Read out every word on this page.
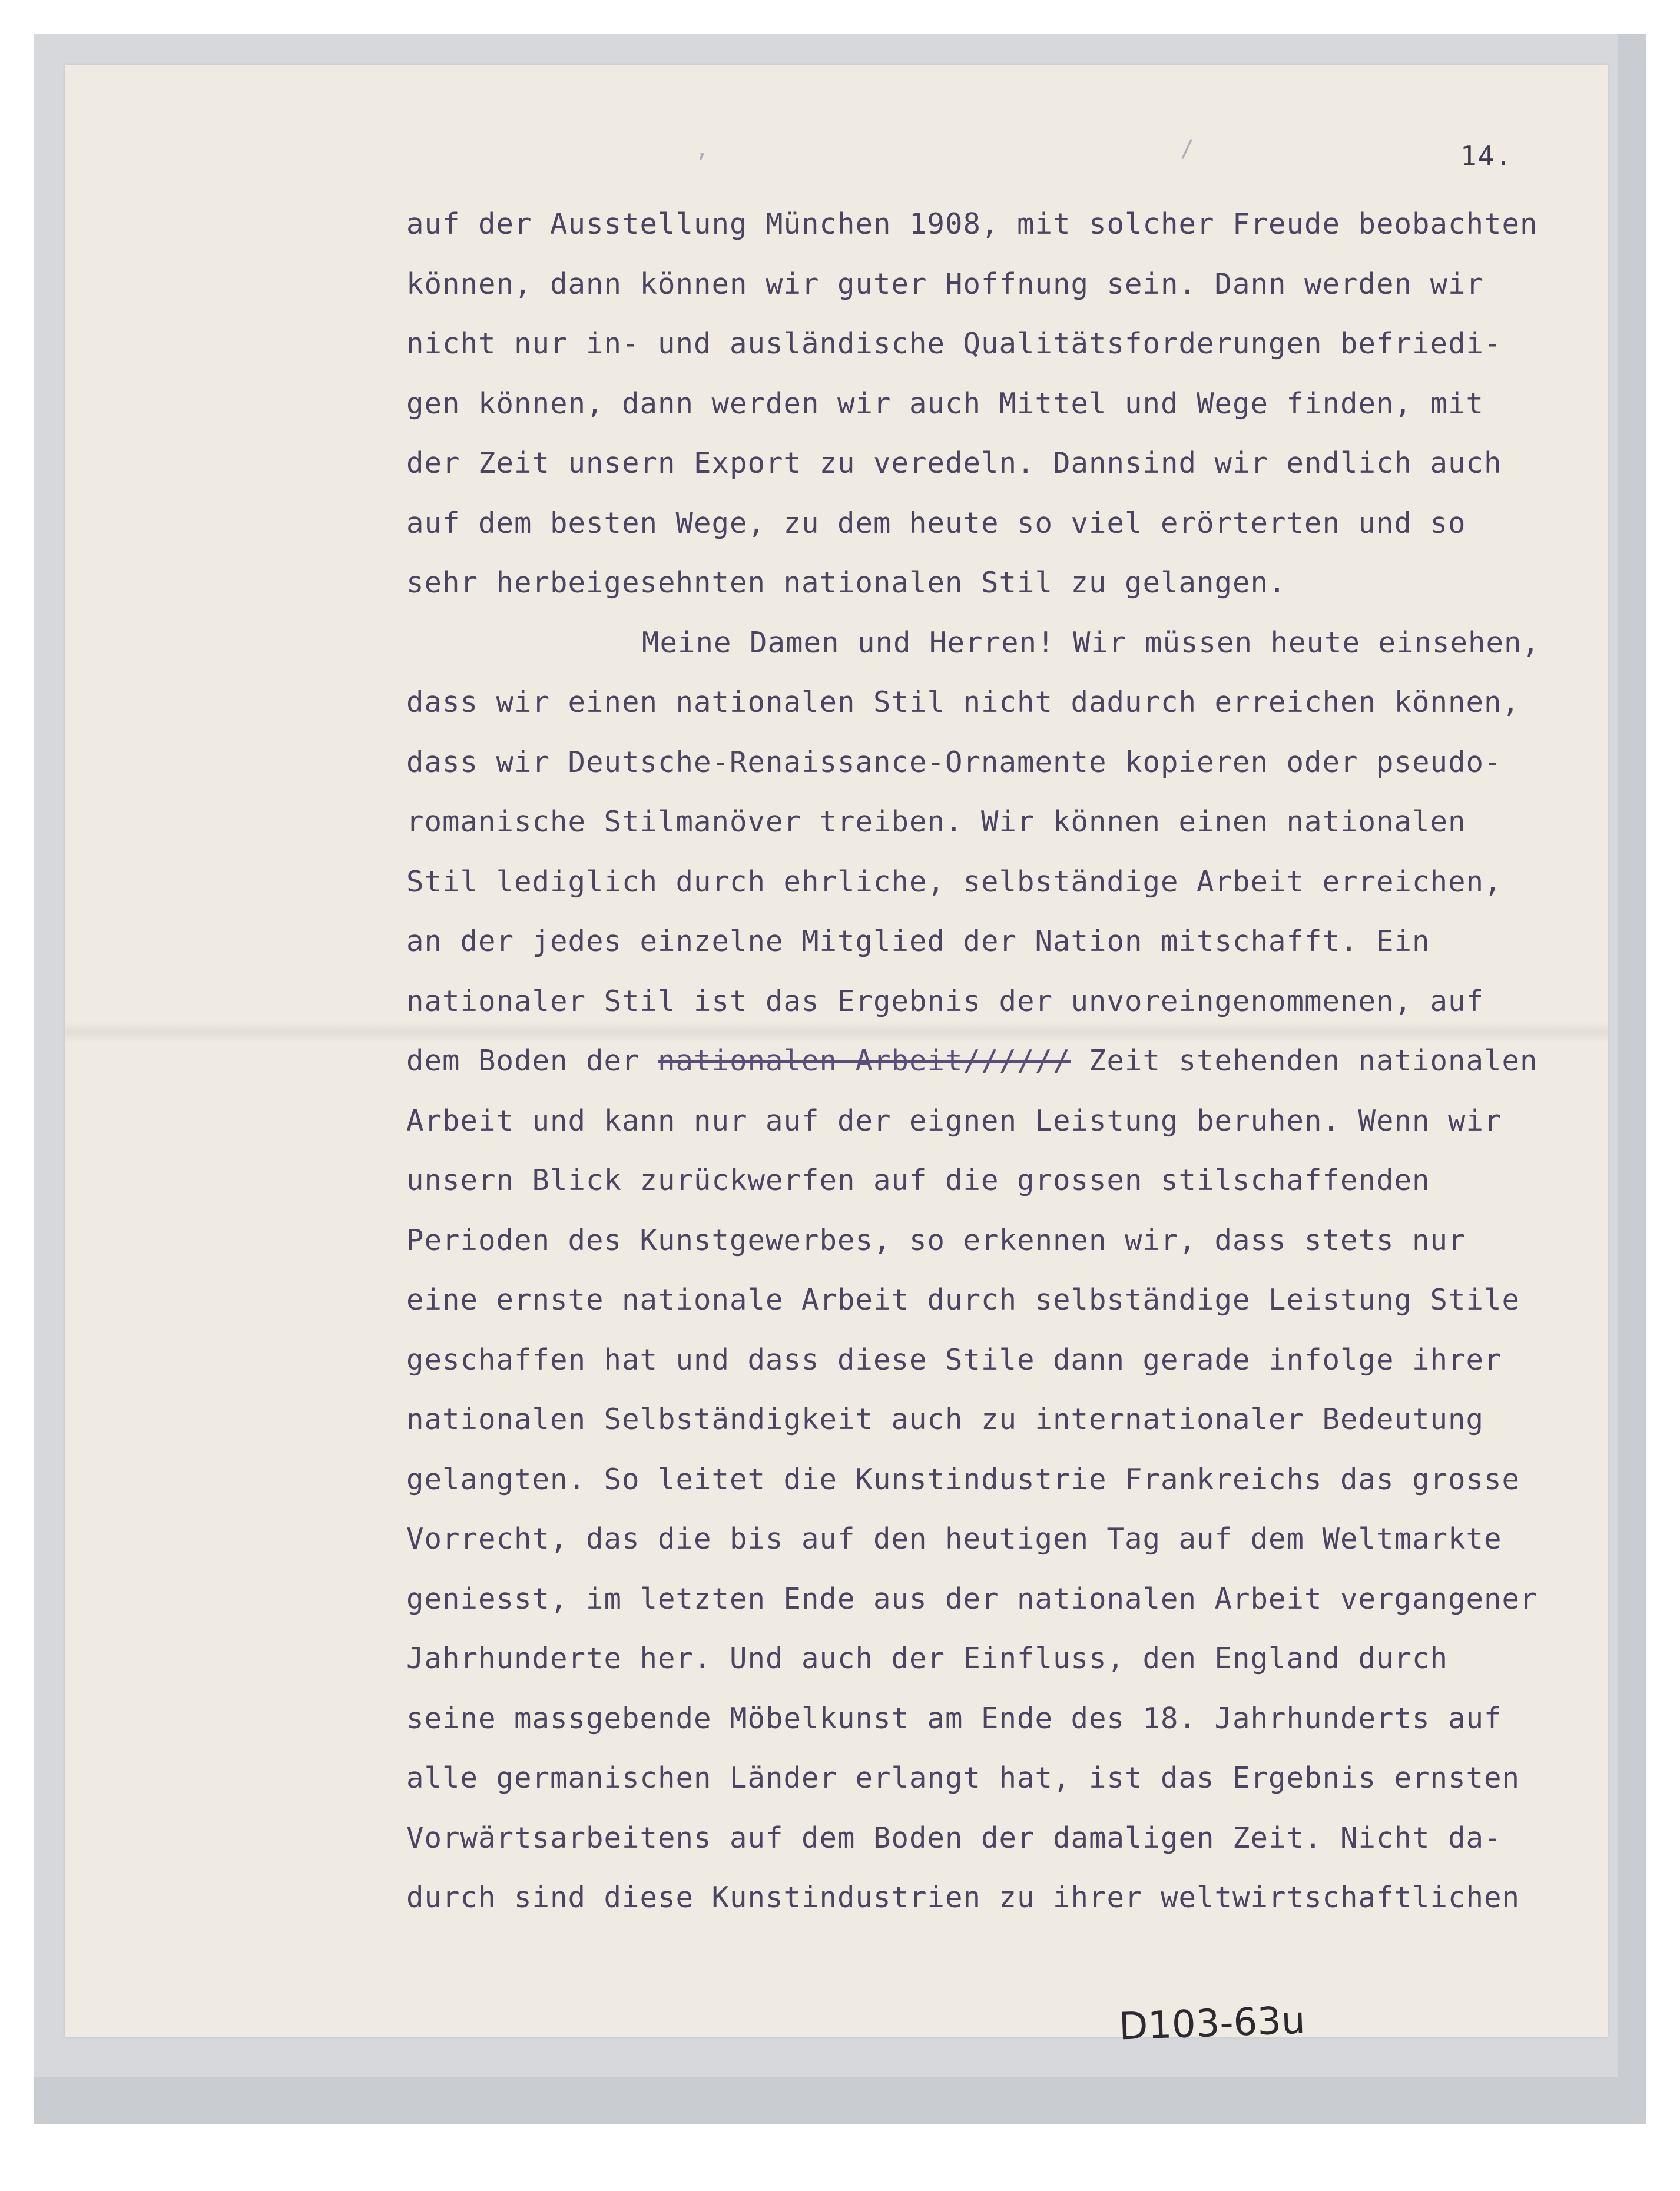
,	/	14.
auf der Ausstellung München 1908, mit solcher Freude beobachten
können, dann können wir guter Hoffnung sein. Dann werden wir
nicht nur in- und ausländische Qualitätsforderungen befriedi-
gen können, dann werden wir auch Mittel und Wege finden, mit
der Zeit unsern Export zu veredeln. Dannsind wir endlich auch
auf dem besten Wege, zu dem heute so viel erörterten und so
sehr herbeigesehnten nationalen Stil zu gelangen.
Meine Damen und Herren! Wir müssen heute einsehen,
dass wir einen nationalen Stil nicht dadurch erreichen können,
dass wir Deutsche-Renaissance-Ornamente kopieren oder pseudo-
romanische Stilmanöver treiben. Wir können einen nationalen
Stil lediglich durch ehrliche, selbständige Arbeit erreichen,
an der jedes einzelne Mitglied der Nation mitschafft. Ein
nationaler Stil ist das Ergebnis der unvoreingenommenen, auf
dem Boden der nationalen Arbeit////// Zeit stehenden nationalen
Arbeit und kann nur auf der eignen Leistung beruhen. Wenn wir
unsern Blick zurückwerfen auf die grossen stilschaffenden
Perioden des Kunstgewerbes, so erkennen wir, dass stets nur
eine ernste nationale Arbeit durch selbständige Leistung Stile
geschaffen hat und dass diese Stile dann gerade infolge ihrer
nationalen Selbständigkeit auch zu internationaler Bedeutung
gelangten. So leitet die Kunstindustrie Frankreichs das grosse
Vorrecht, das die bis auf den heutigen Tag auf dem Weltmarkte
geniesst, im letzten Ende aus der nationalen Arbeit vergangener
Jahrhunderte her. Und auch der Einfluss, den England durch
seine massgebende Möbelkunst am Ende des 18. Jahrhunderts auf
alle germanischen Länder erlangt hat, ist das Ergebnis ernsten
Vorwärtsarbeitens auf dem Boden der damaligen Zeit. Nicht da-
durch sind diese Kunstindustrien zu ihrer weltwirtschaftlichen
D103-63u
